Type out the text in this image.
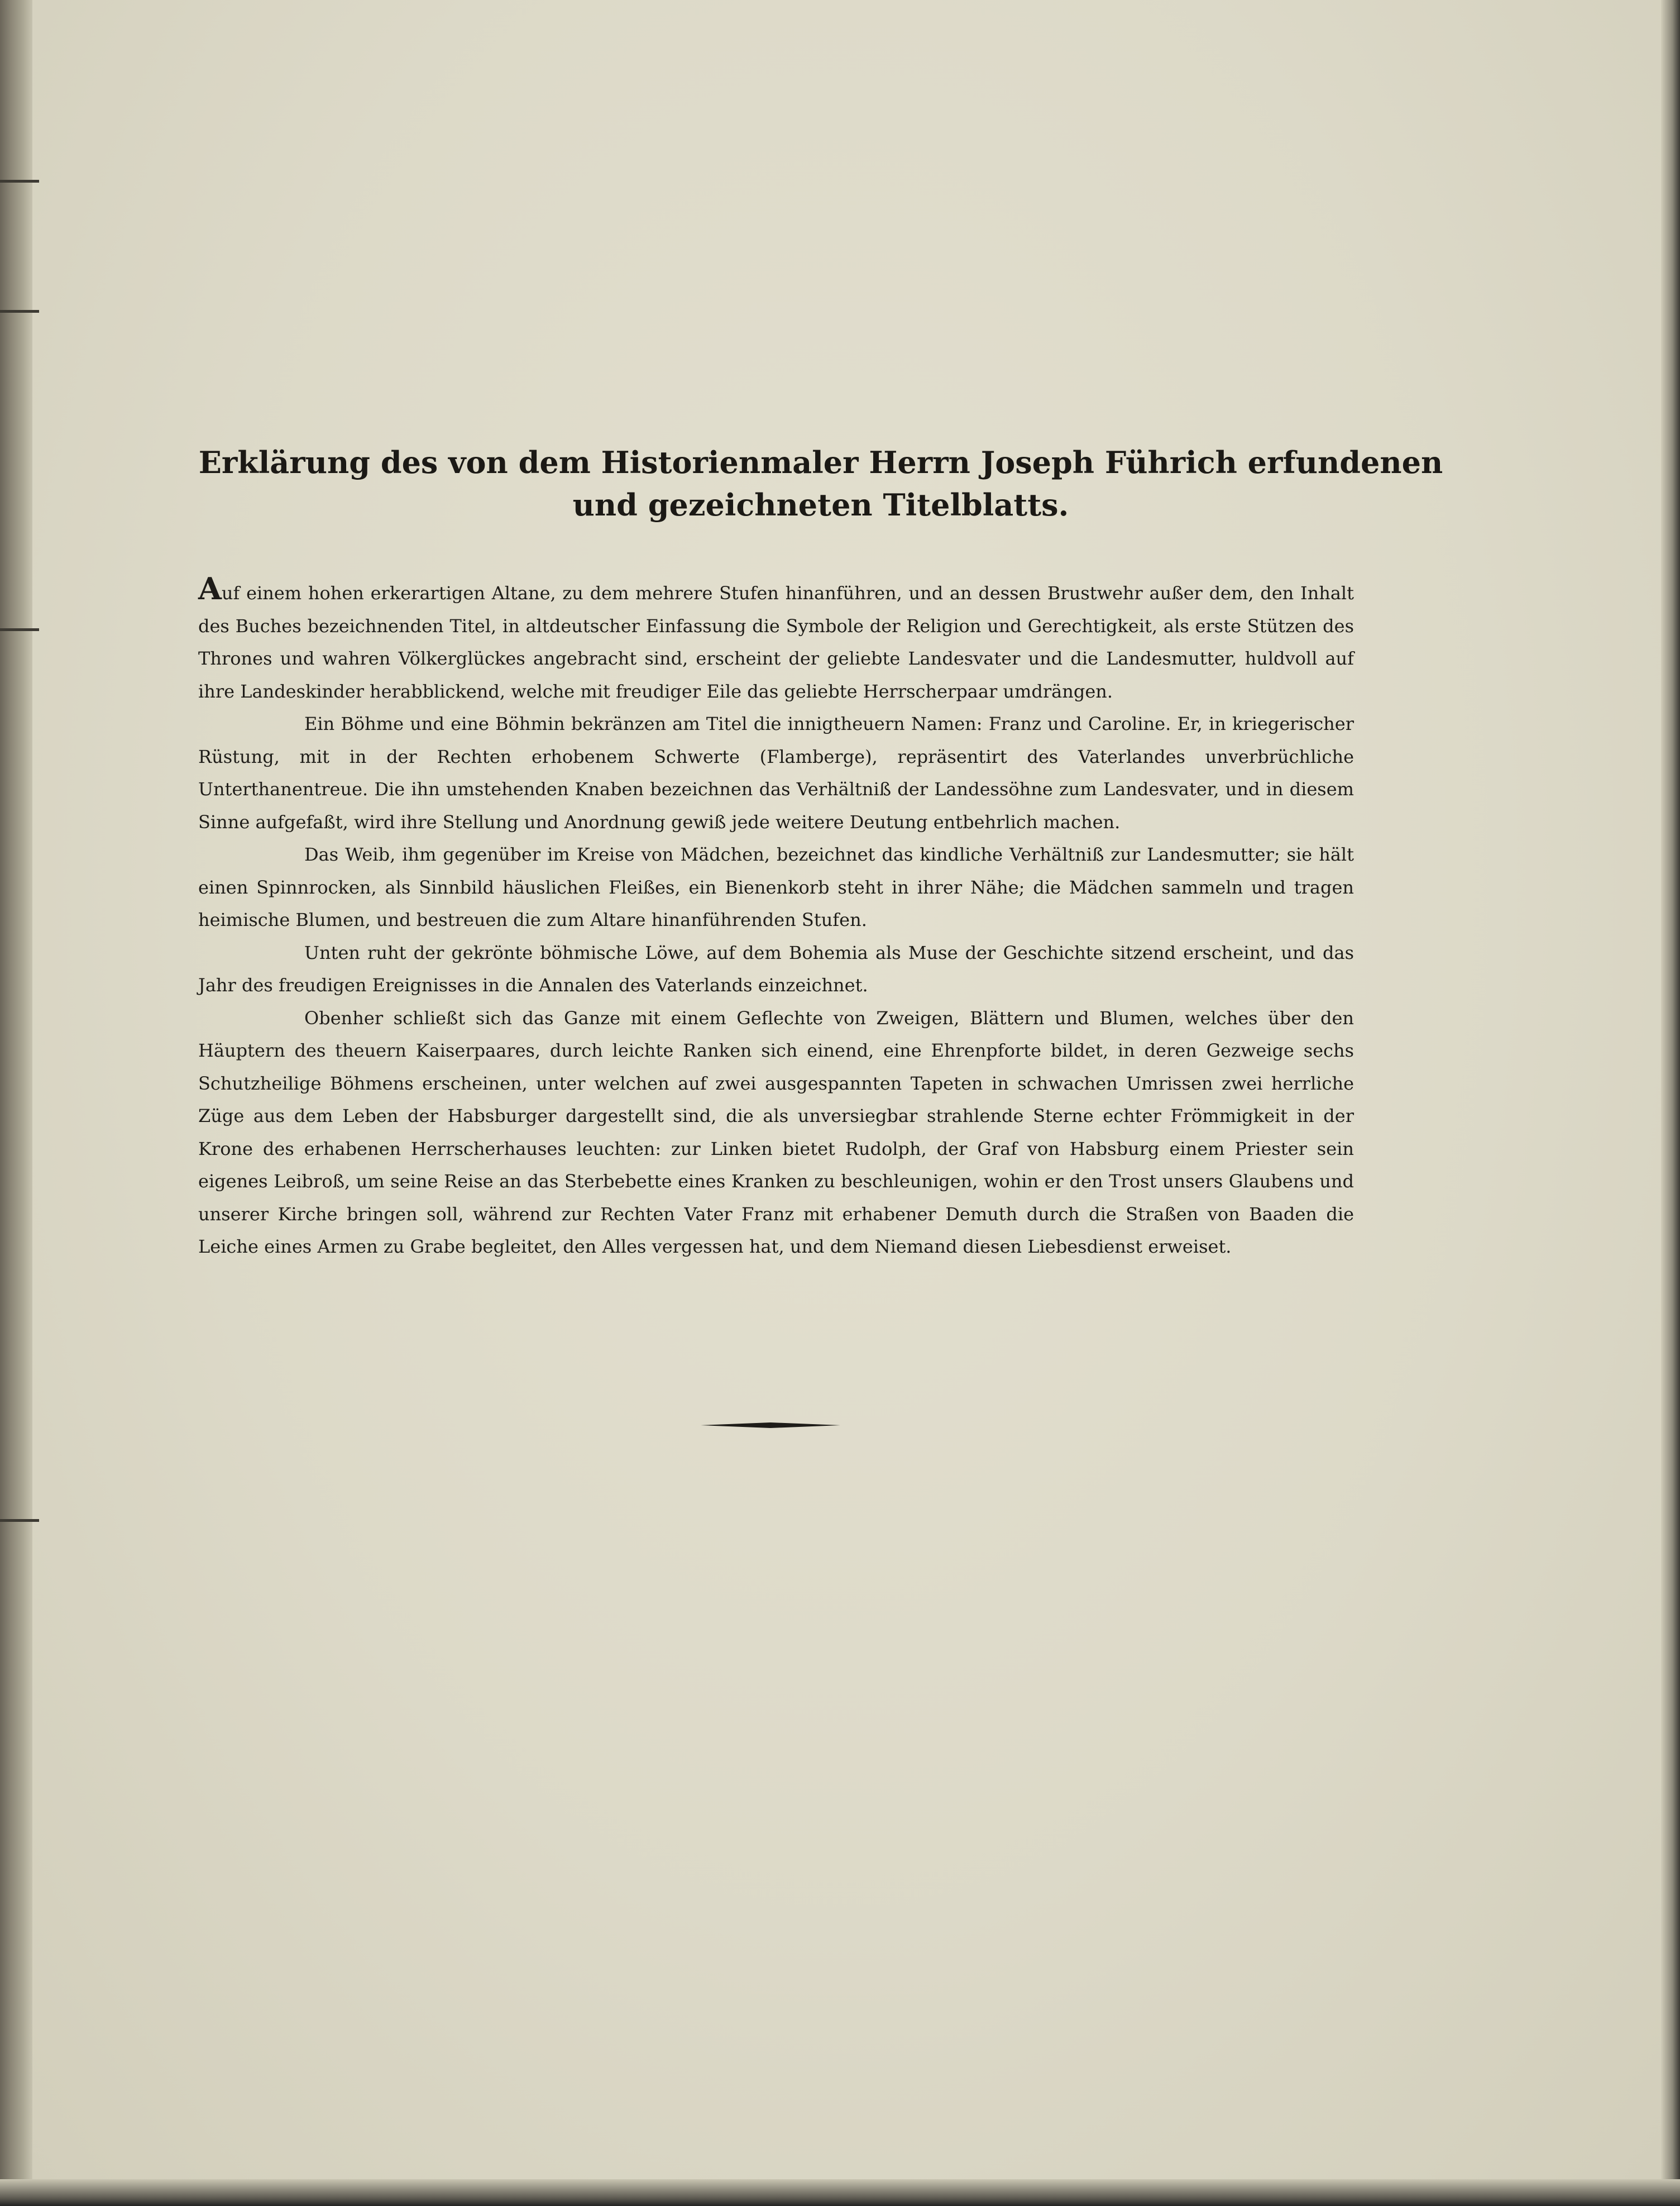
Erklärung des von dem Historienmaler Herrn Joseph Führich erfundenen und gezeichneten Titelblatts.

Auf einem hohen erkerartigen Altane, zu dem mehrere Stufen hinanführen, und an dessen Brustwehr außer dem, den Inhalt des Buches bezeichnenden Titel, in altdeutscher Einfassung die Symbole der Religion und Gerechtigkeit, als erste Stützen des Thrones und wahren Völkerglückes angebracht sind, erscheint der geliebte Landesvater und die Landesmutter, huldvoll auf ihre Landeskinder herabblickend, welche mit freudiger Eile das geliebte Herrscherpaar umdrängen.

Ein Böhme und eine Böhmin bekränzen am Titel die innigtheuern Namen: Franz und Caroline. Er, in kriegerischer Rüstung, mit in der Rechten erhobenem Schwerte (Flamberge), repräsentirt des Vaterlandes unverbrüchliche Unterthanentreue. Die ihn umstehenden Knaben bezeichnen das Verhältniß der Landessöhne zum Landesvater, und in diesem Sinne aufgefaßt, wird ihre Stellung und Anordnung gewiß jede weitere Deutung entbehrlich machen.

Das Weib, ihm gegenüber im Kreise von Mädchen, bezeichnet das kindliche Verhältniß zur Landesmutter; sie hält einen Spinnrocken, als Sinnbild häuslichen Fleißes, ein Bienenkorb steht in ihrer Nähe; die Mädchen sammeln und tragen heimische Blumen, und bestreuen die zum Altare hinanführenden Stufen.

Unten ruht der gekrönte böhmische Löwe, auf dem Bohemia als Muse der Geschichte sitzend erscheint, und das Jahr des freudigen Ereignisses in die Annalen des Vaterlands einzeichnet.

Obenher schließt sich das Ganze mit einem Geflechte von Zweigen, Blättern und Blumen, welches über den Häuptern des theuern Kaiserpaares, durch leichte Ranken sich einend, eine Ehrenpforte bildet, in deren Gezweige sechs Schutzheilige Böhmens erscheinen, unter welchen auf zwei ausgespannten Tapeten in schwachen Umrissen zwei herrliche Züge aus dem Leben der Habsburger dargestellt sind, die als unversiegbar strahlende Sterne echter Frömmigkeit in der Krone des erhabenen Herrscherhauses leuchten: zur Linken bietet Rudolph, der Graf von Habsburg einem Priester sein eigenes Leibroß, um seine Reise an das Sterbebette eines Kranken zu beschleunigen, wohin er den Trost unsers Glaubens und unserer Kirche bringen soll, während zur Rechten Vater Franz mit erhabener Demuth durch die Straßen von Baaden die Leiche eines Armen zu Grabe begleitet, den Alles vergessen hat, und dem Niemand diesen Liebesdienst erweiset.
